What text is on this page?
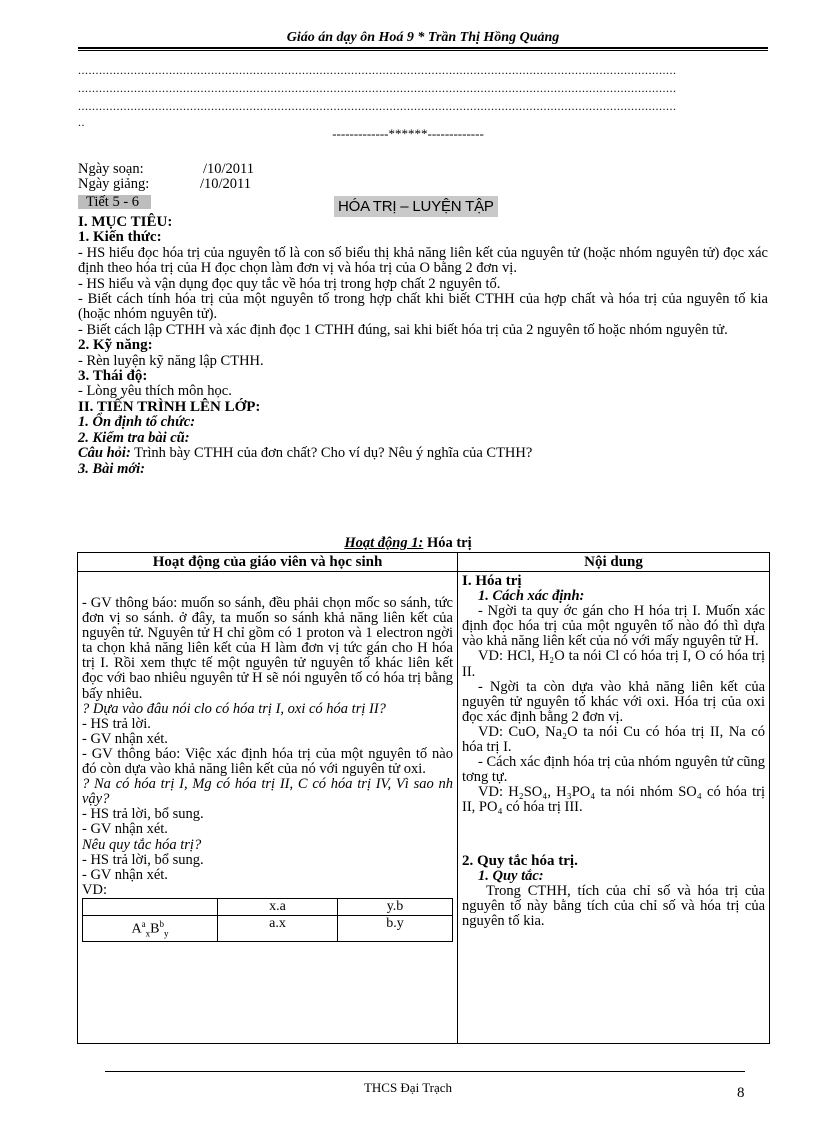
Giáo án dạy ôn Hoá 9 * Trần Thị Hồng Quảng
...........................................................................................................................................................................
...........................................................................................................................................................................
...........................................................................................................................................................................
..
-------------******-------------
Ngày soạn:	/10/2011
Ngày giảng:	/10/2011
Tiết 5 - 6	HÓA TRỊ – LUYỆN TẬP

I. MỤC TIÊU:

1. Kiến thức:

- HS hiểu đọc hóa trị của nguyên tố là con số biểu thị khả năng liên kết của nguyên tử (hoặc nhóm nguyên tử) đọc xác định theo hóa trị của H đọc chọn làm đơn vị và hóa trị của O bằng 2 đơn vị.

- HS hiểu và vận dụng đọc quy tắc về hóa trị trong hợp chất 2 nguyên tố.

- Biết cách tính hóa trị của một nguyên tố trong hợp chất khi biết CTHH của hợp chất và hóa trị của nguyên tố kia (hoặc nhóm nguyên tử).

- Biết cách lập CTHH và xác định đọc 1 CTHH đúng, sai khi biết hóa trị của 2 nguyên tố hoặc nhóm nguyên tử.

2. Kỹ năng:

- Rèn luyện kỹ năng lập CTHH.

3. Thái độ:

- Lòng yêu thích môn học.

II. TIẾN TRÌNH LÊN LỚP:

1. Ổn định tổ chức:

2. Kiểm tra bài cũ:

Câu hỏi: Trình bày CTHH của đơn chất? Cho ví dụ? Nêu ý nghĩa của CTHH?

3. Bài mới:

Hoạt động 1: Hóa trị
Hoạt động của giáo viên và học sinh	Nội dung

- GV thông báo: muốn so sánh, đều phải chọn mốc so sánh, tức đơn vị so sánh. ở đây, ta muốn so sánh khả năng liên kết của nguyên tử. Nguyên tử H chỉ gồm có 1 proton và 1 electron ngời ta chọn khả năng liên kết của H làm đơn vị tức gán cho H hóa trị I. Rồi xem thực tế một nguyên tử nguyên tố khác liên kết đọc với bao nhiêu nguyên tử H sẽ nói nguyên tố có hóa trị bằng bấy nhiêu.

? Dựa vào đâu nói clo có hóa trị I, oxi có hóa trị II?

- HS trả lời.

- GV nhận xét.

- GV thông báo: Việc xác định hóa trị của một nguyên tố nào đó còn dựa vào khả năng liên kết của nó với nguyên tử oxi.

? Na có hóa trị I, Mg có hóa trị II, C có hóa trị IV, Vì sao nh vậy?

- HS trả lời, bổ sung.

- GV nhận xét.

Nêu quy tắc hóa trị?

- HS trả lời, bổ sung.

- GV nhận xét.

VD:

	x.a	y.b
$A^a_xB^b_y$	a.x	b.y

I. Hóa trị

1. Cách xác định:

- Ngời ta quy ớc gán cho H hóa trị I. Muốn xác định đọc hóa trị của một nguyên tố nào đó thì dựa vào khả năng liên kết của nó với mấy nguyên tử H.

VD: HCl, H₂O ta nói Cl có hóa trị I, O có hóa trị II.

- Ngời ta còn dựa vào khả năng liên kết của nguyên tử nguyên tố khác với oxi. Hóa trị của oxi đọc xác định bằng 2 đơn vị.

VD: CuO, Na₂O ta nói Cu có hóa trị II, Na có hóa trị I.

- Cách xác định hóa trị của nhóm nguyên tử cũng tơng tự.

VD: H₂SO₄, H₃PO₄ ta nói nhóm SO₄ có hóa trị II, PO₄ có hóa trị III.

2. Quy tắc hóa trị.

1. Quy tắc:

Trong CTHH, tích của chỉ số và hóa trị của nguyên tố này bằng tích của chỉ số và hóa trị của nguyên tố kia.

THCS Đại Trạch	8
